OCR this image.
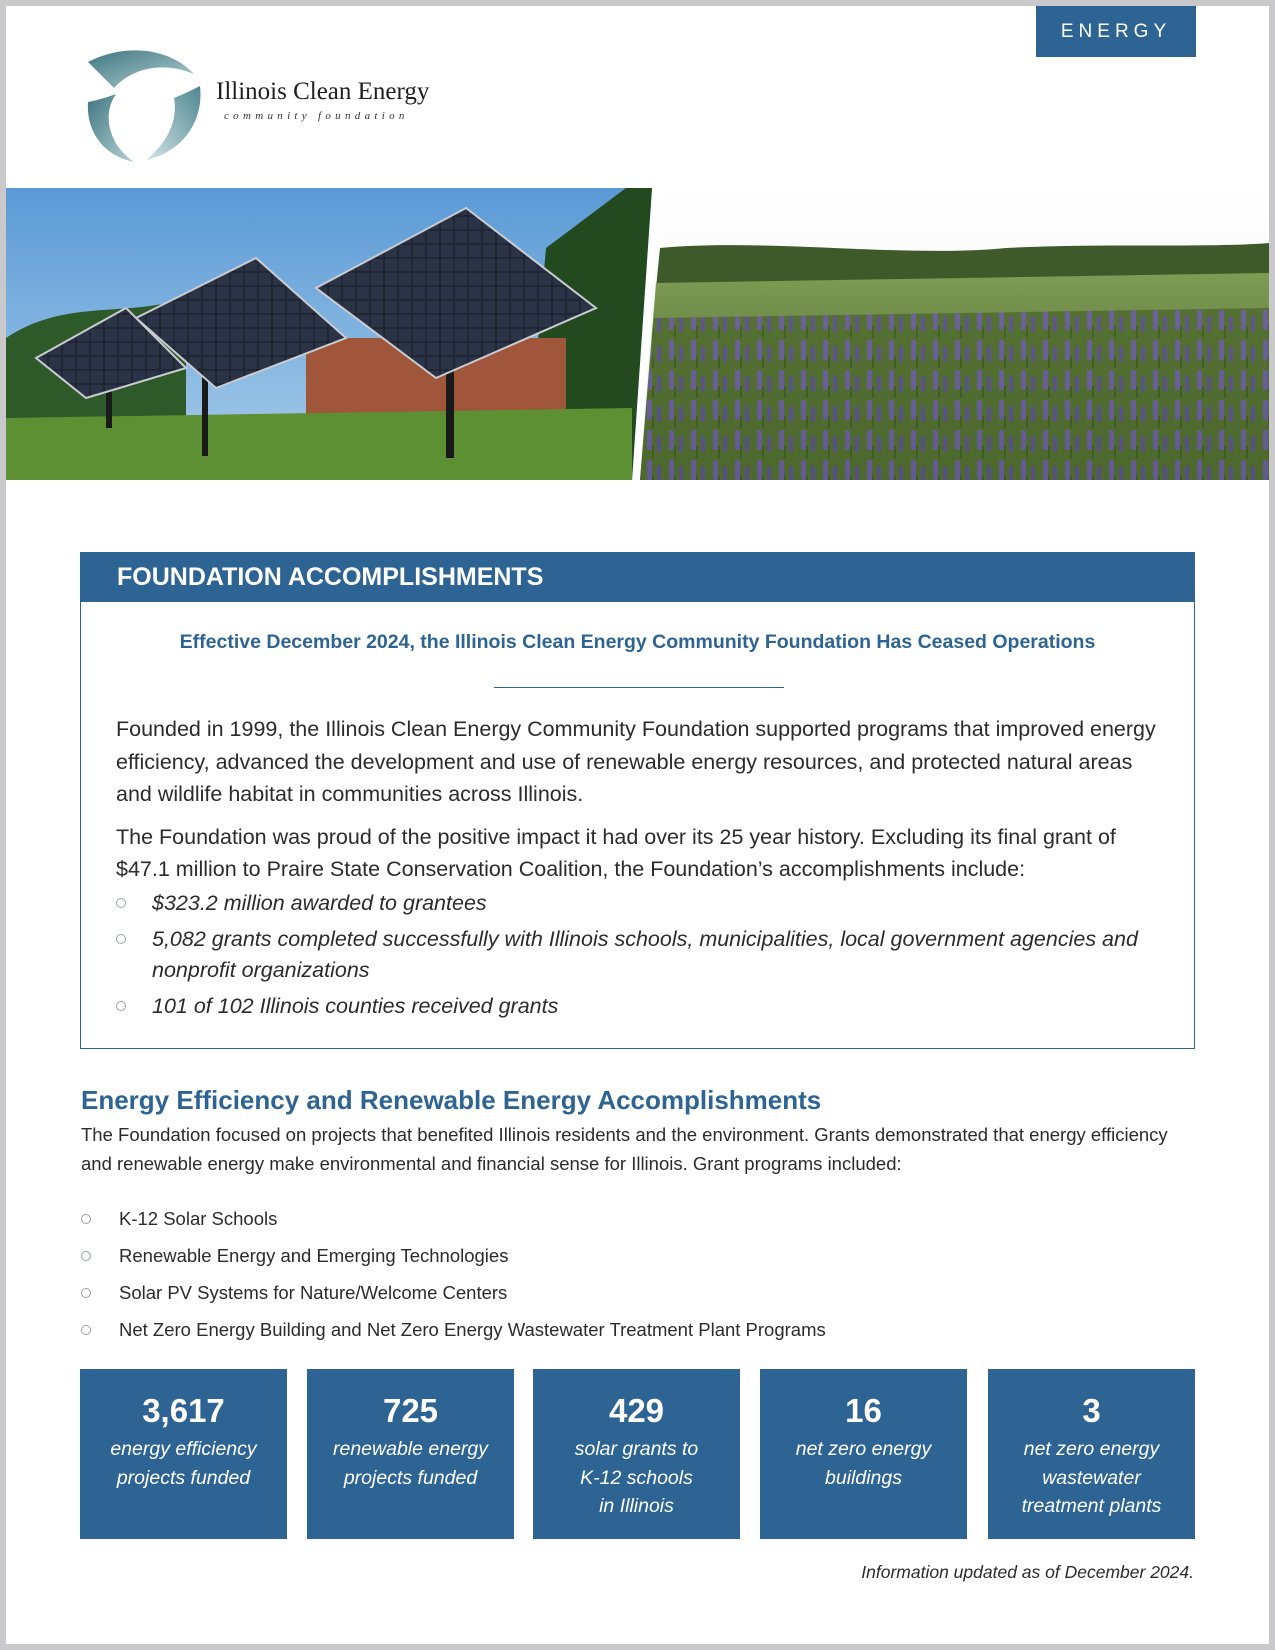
ENERGY
Illinois Clean Energy
community foundation
FOUNDATION ACCOMPLISHMENTS
Effective December 2024, the Illinois Clean Energy Community Foundation Has Ceased Operations

Founded in 1999, the Illinois Clean Energy Community Foundation supported programs that improved energy efficiency, advanced the development and use of renewable energy resources, and protected natural areas and wildlife habitat in communities across Illinois.

The Foundation was proud of the positive impact it had over its 25 year history. Excluding its final grant of $47.1 million to Praire State Conservation Coalition, the Foundation’s accomplishments include:

$323.2 million awarded to grantees
5,082 grants completed successfully with Illinois schools, municipalities, local government agencies and nonprofit organizations
101 of 102 Illinois counties received grants
Energy Efficiency and Renewable Energy Accomplishments
The Foundation focused on projects that benefited Illinois residents and the environment. Grants demonstrated that energy efficiency and renewable energy make environmental and financial sense for Illinois. Grant programs included:
K-12 Solar Schools
Renewable Energy and Emerging Technologies
Solar PV Systems for Nature/Welcome Centers
Net Zero Energy Building and Net Zero Energy Wastewater Treatment Plant Programs
3,617
energy efficiency
projects funded
725
renewable energy
projects funded
429
solar grants to
K-12 schools
in Illinois
16
net zero energy
buildings
3
net zero energy
wastewater
treatment plants
Information updated as of December 2024.
